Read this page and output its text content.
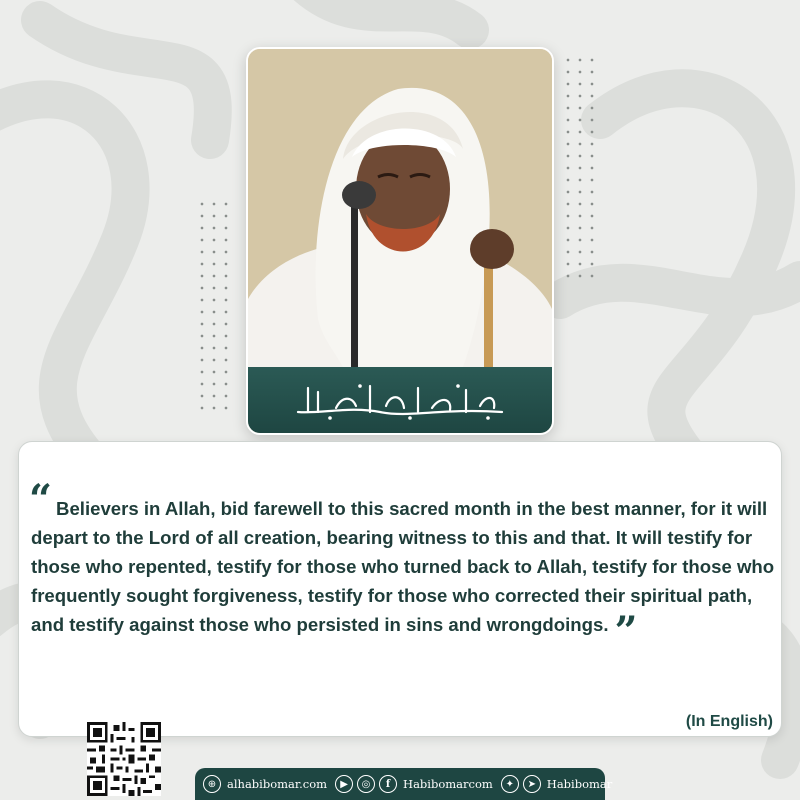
“ Believers in Allah, bid farewell to this sacred month in the best manner, for it will depart to the Lord of all creation, bearing witness to this and that. It will testify for those who repented, testify for those who turned back to Allah, testify for those who frequently sought forgiveness, testify for those who corrected their spiritual path, and testify against those who persisted in sins and wrongdoings. ”

(In English)
⊕ alhabibomar.com	▶	◎	f	Habibomarcom	✦	➤ Habibomar
